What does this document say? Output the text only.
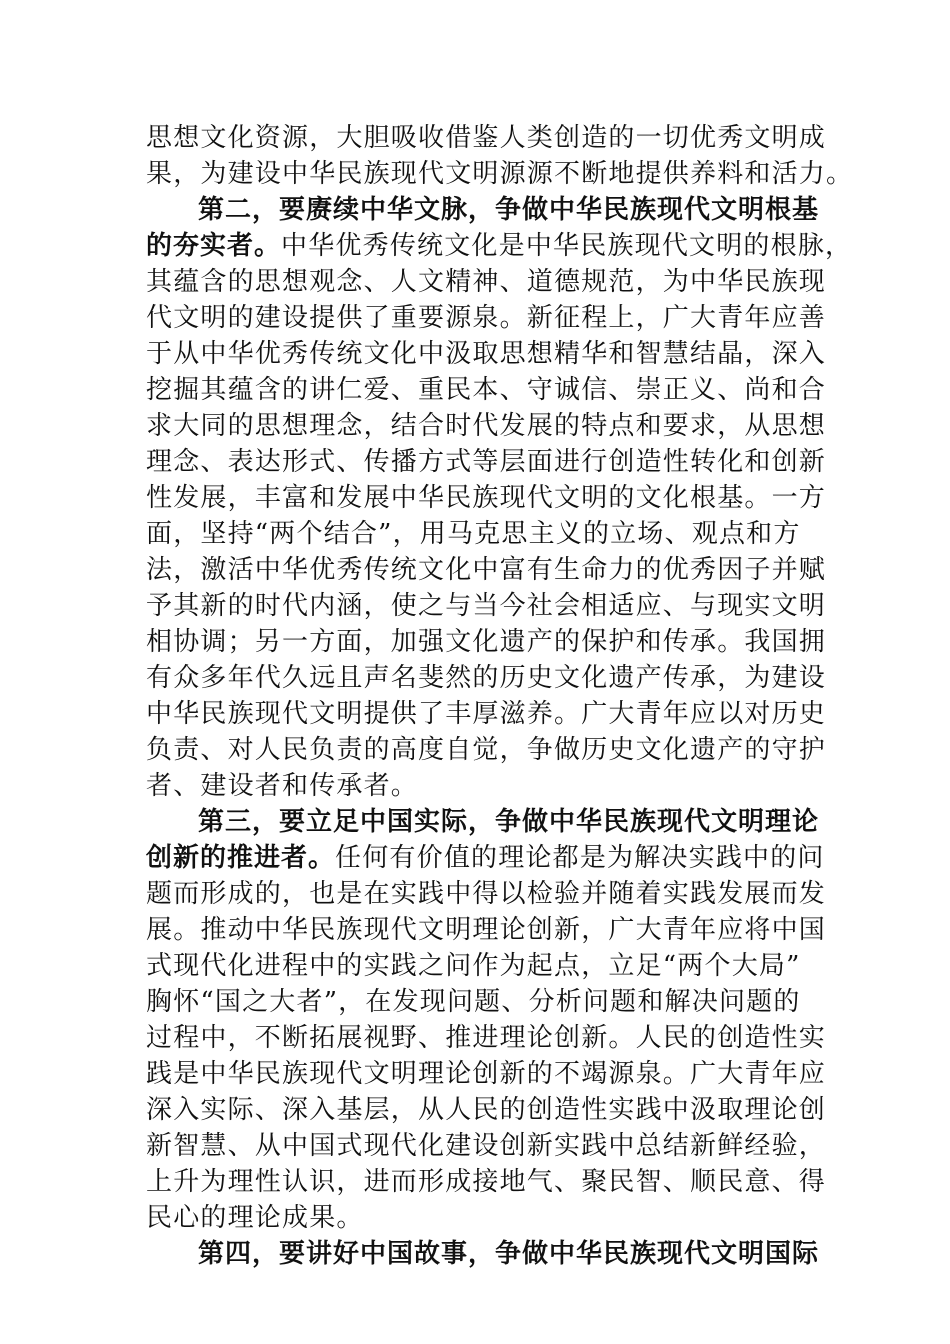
思想文化资源，大胆吸收借鉴人类创造的一切优秀文明成
果，为建设中华民族现代文明源源不断地提供养料和活力。
第二，要赓续中华文脉，争做中华民族现代文明根基
的夯实者。中华优秀传统文化是中华民族现代文明的根脉，
其蕴含的思想观念、人文精神、道德规范，为中华民族现
代文明的建设提供了重要源泉。新征程上，广大青年应善
于从中华优秀传统文化中汲取思想精华和智慧结晶，深入
挖掘其蕴含的讲仁爱、重民本、守诚信、崇正义、尚和合
求大同的思想理念，结合时代发展的特点和要求，从思想
理念、表达形式、传播方式等层面进行创造性转化和创新
性发展，丰富和发展中华民族现代文明的文化根基。一方
面，坚持“两个结合”，用马克思主义的立场、观点和方
法，激活中华优秀传统文化中富有生命力的优秀因子并赋
予其新的时代内涵，使之与当今社会相适应、与现实文明
相协调；另一方面，加强文化遗产的保护和传承。我国拥
有众多年代久远且声名斐然的历史文化遗产传承，为建设
中华民族现代文明提供了丰厚滋养。广大青年应以对历史
负责、对人民负责的高度自觉，争做历史文化遗产的守护
者、建设者和传承者。
第三，要立足中国实际，争做中华民族现代文明理论
创新的推进者。任何有价值的理论都是为解决实践中的问
题而形成的，也是在实践中得以检验并随着实践发展而发
展。推动中华民族现代文明理论创新，广大青年应将中国
式现代化进程中的实践之问作为起点，立足“两个大局”
胸怀“国之大者”，在发现问题、分析问题和解决问题的
过程中，不断拓展视野、推进理论创新。人民的创造性实
践是中华民族现代文明理论创新的不竭源泉。广大青年应
深入实际、深入基层，从人民的创造性实践中汲取理论创
新智慧、从中国式现代化建设创新实践中总结新鲜经验，
上升为理性认识，进而形成接地气、聚民智、顺民意、得
民心的理论成果。
第四，要讲好中国故事，争做中华民族现代文明国际
